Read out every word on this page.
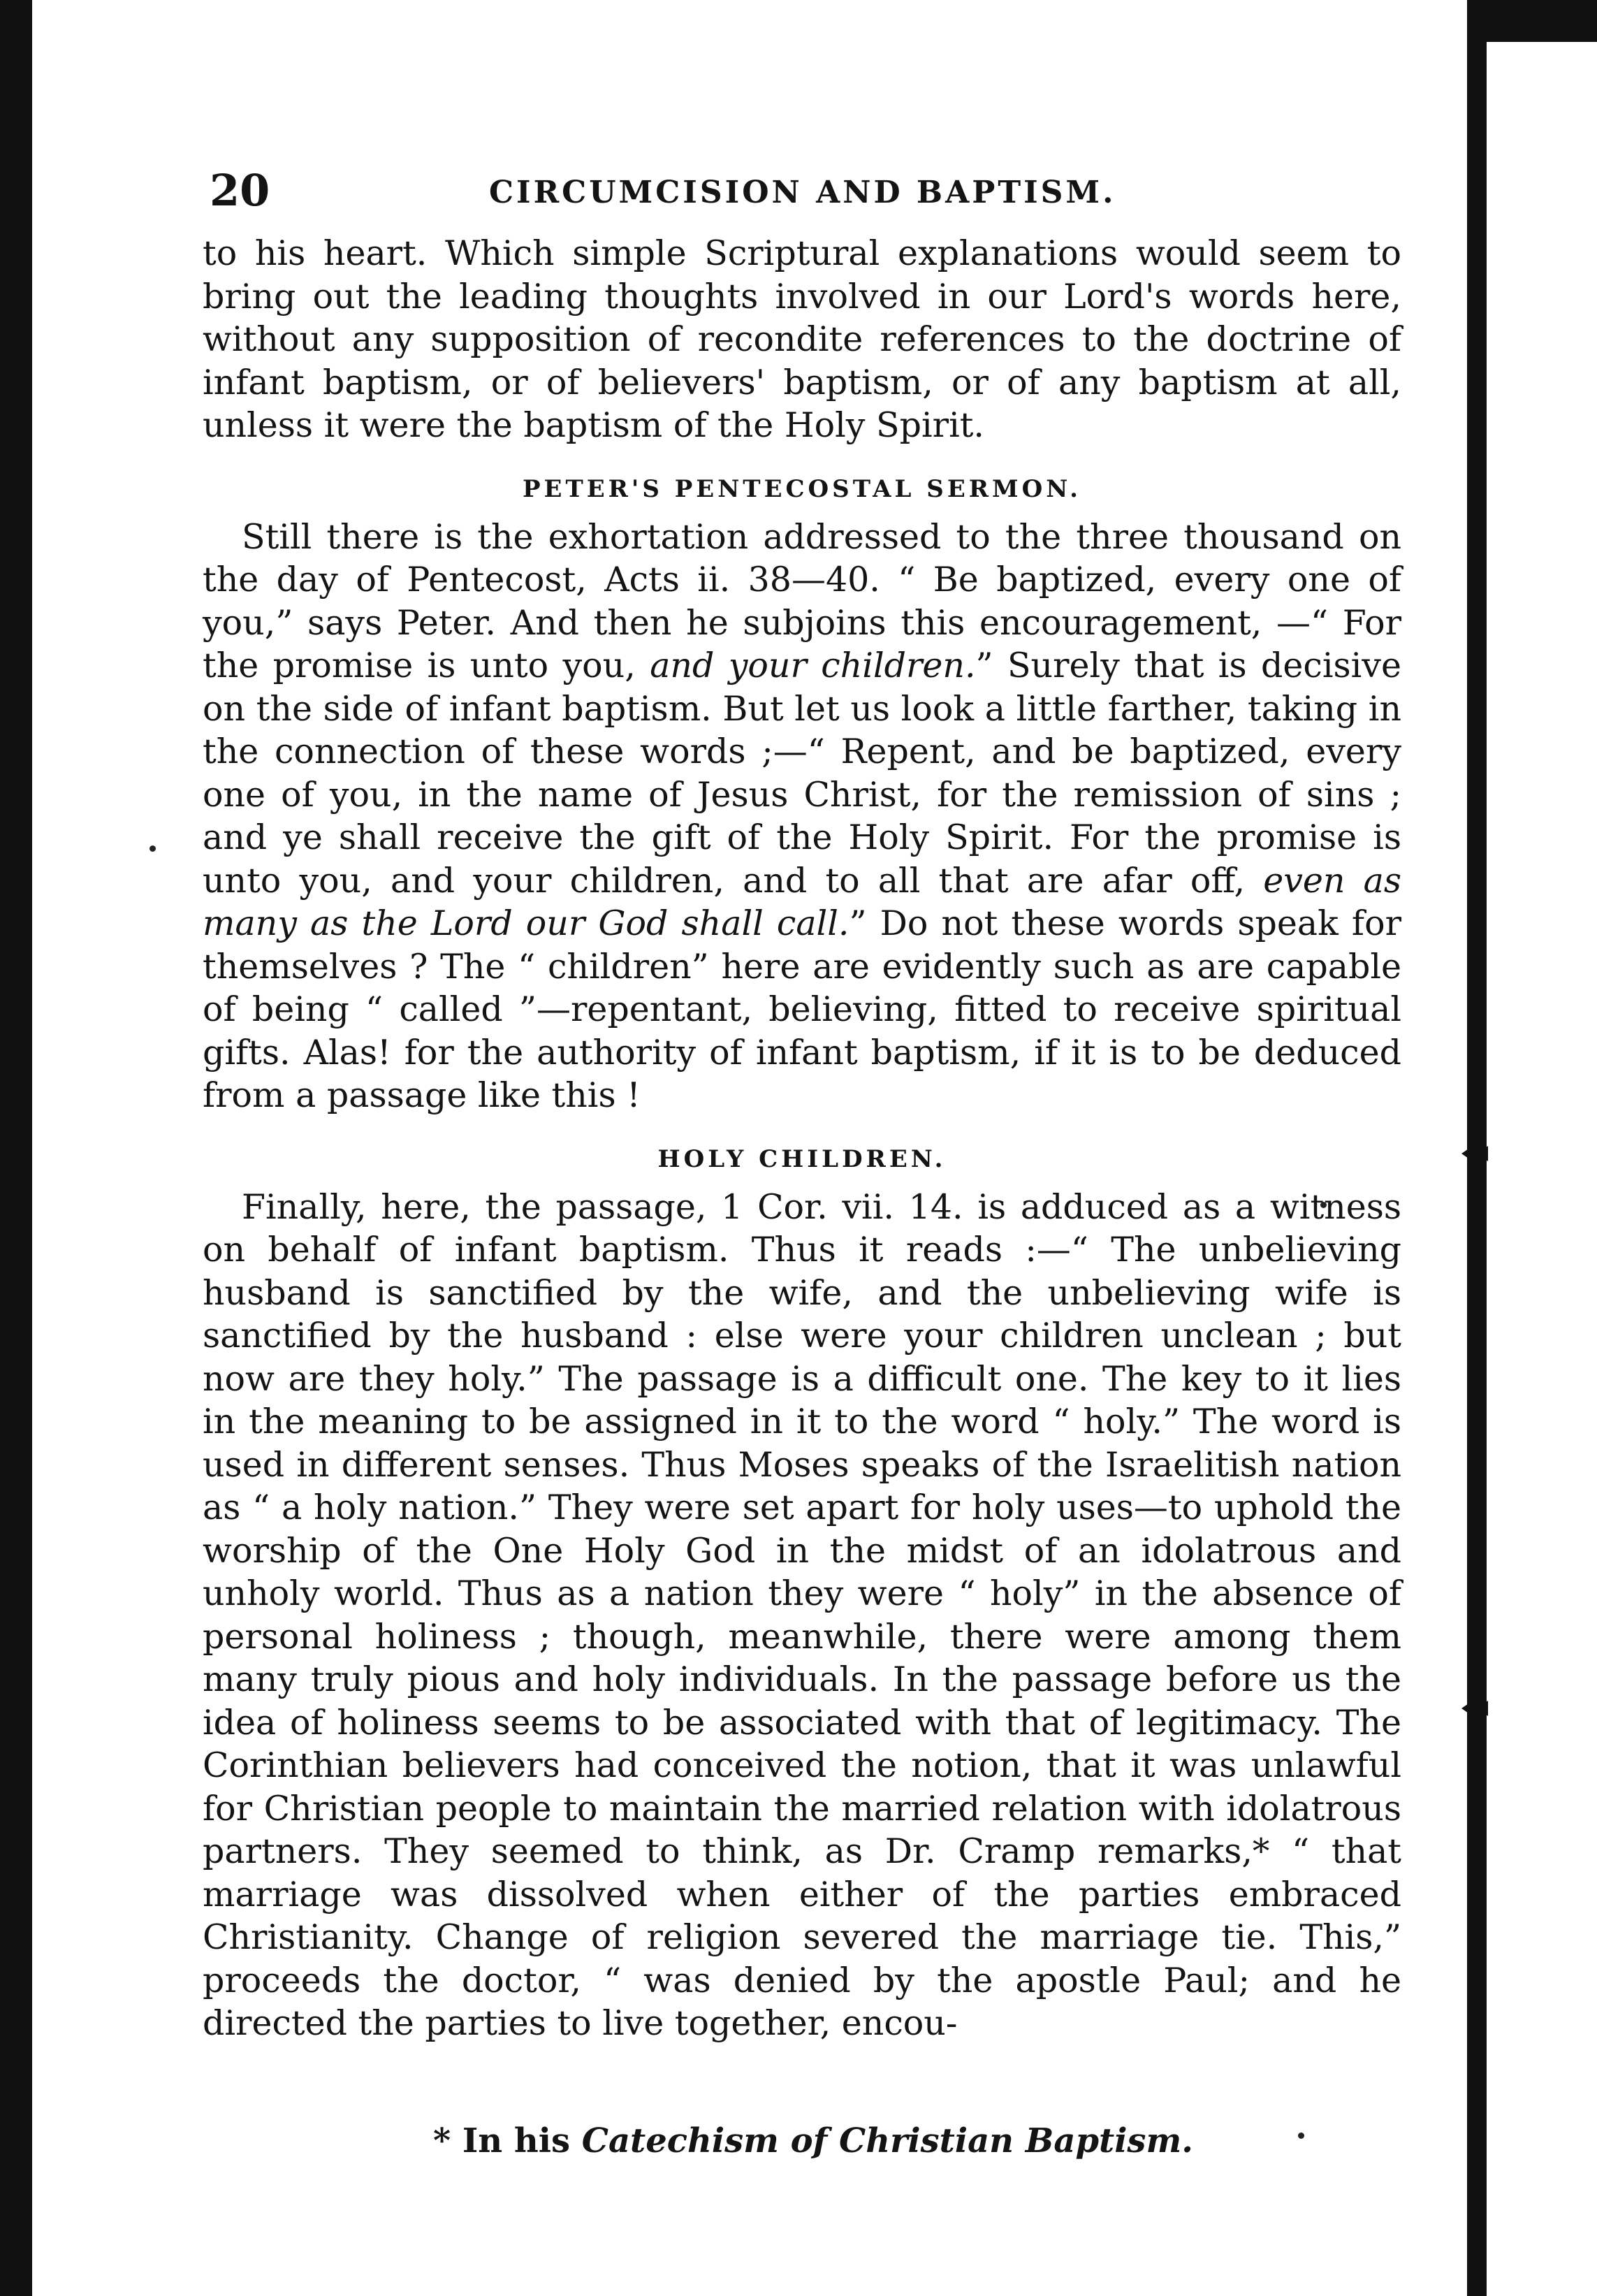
20	CIRCUMCISION AND BAPTISM.

to his heart. Which simple Scriptural explanations would seem to bring out the leading thoughts involved in our Lord's words here, without any supposition of recondite references to the doctrine of infant baptism, or of believers' baptism, or of any baptism at all, unless it were the baptism of the Holy Spirit.

PETER'S PENTECOSTAL SERMON.

Still there is the exhortation addressed to the three thousand on the day of Pentecost, Acts ii. 38—40. “ Be baptized, every one of you,” says Peter. And then he subjoins this encouragement, —“ For the promise is unto you, and your children.” Surely that is decisive on the side of infant baptism. But let us look a little farther, taking in the connection of these words ;—“ Repent, and be baptized, every one of you, in the name of Jesus Christ, for the remission of sins ; and ye shall receive the gift of the Holy Spirit. For the promise is unto you, and your children, and to all that are afar off, even as many as the Lord our God shall call.” Do not these words speak for themselves ? The “ children” here are evidently such as are capable of being “ called ”—repentant, believing, fitted to receive spiritual gifts. Alas! for the authority of infant baptism, if it is to be deduced from a passage like this !

HOLY CHILDREN.

Finally, here, the passage, 1 Cor. vii. 14. is adduced as a witness on behalf of infant baptism. Thus it reads :—“ The unbelieving husband is sanctified by the wife, and the unbelieving wife is sanctified by the husband : else were your children unclean ; but now are they holy.” The passage is a difficult one. The key to it lies in the meaning to be assigned in it to the word “ holy.” The word is used in different senses. Thus Moses speaks of the Israelitish nation as “ a holy nation.” They were set apart for holy uses—to uphold the worship of the One Holy God in the midst of an idolatrous and unholy world. Thus as a nation they were “ holy” in the absence of personal holiness ; though, meanwhile, there were among them many truly pious and holy individuals. In the passage before us the idea of holiness seems to be associated with that of legitimacy. The Corinthian believers had conceived the notion, that it was unlawful for Christian people to maintain the married relation with idolatrous partners. They seemed to think, as Dr. Cramp remarks,* “ that marriage was dissolved when either of the parties embraced Christianity. Change of religion severed the marriage tie. This,” proceeds the doctor, “ was denied by the apostle Paul; and he directed the parties to live together, encou-

* In his Catechism of Christian Baptism.
